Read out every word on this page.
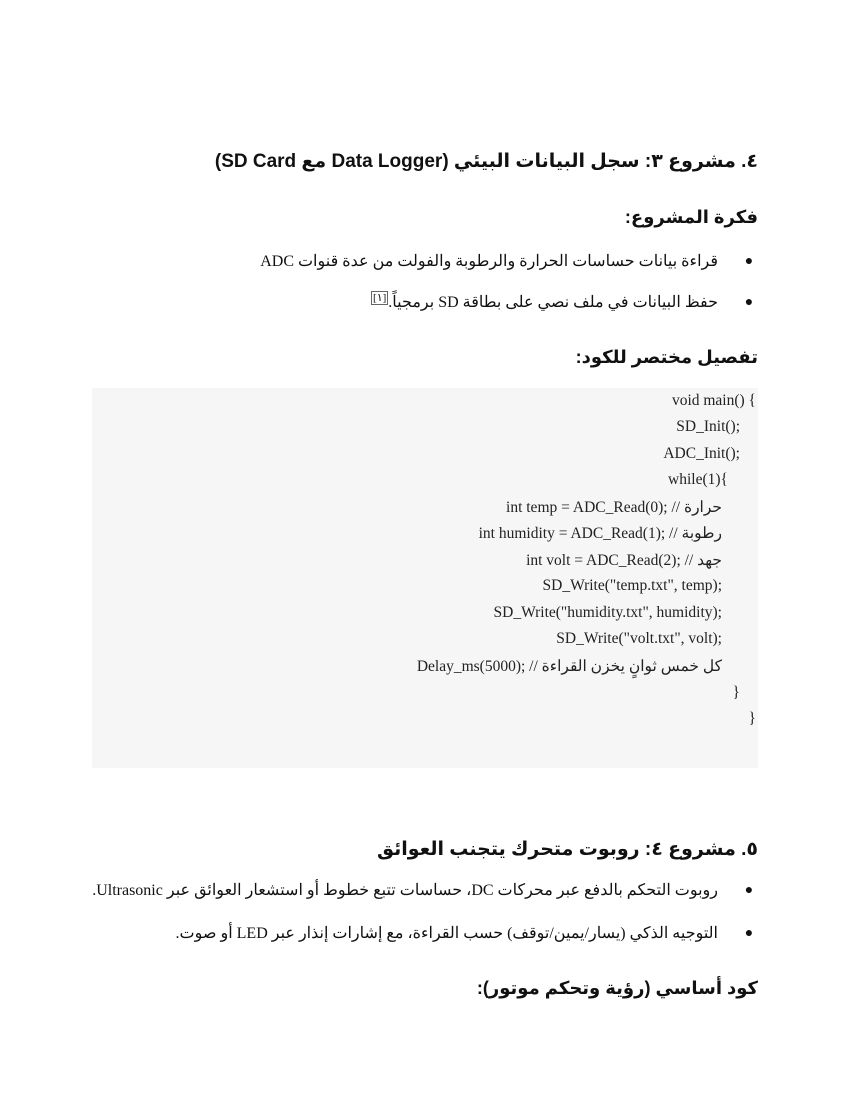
٤. مشروع ٣: سجل البيانات البيئي (Data Logger مع SD Card)
فكرة المشروع:
●
قراءة بيانات حساسات الحرارة والرطوبة والفولت من عدة قنوات ADC
●
حفظ البيانات في ملف نصي على بطاقة SD برمجياً.[١]
تفصيل مختصر للكود:
void main() {
SD_Init();
ADC_Init();
while(1){
int temp = ADC_Read(0); // حرارة
int humidity = ADC_Read(1); // رطوبة
int volt = ADC_Read(2); // جهد
SD_Write("temp.txt", temp);
SD_Write("humidity.txt", humidity);
SD_Write("volt.txt", volt);
Delay_ms(5000); // كل خمس ثوانٍ يخزن القراءة
}
}
٥. مشروع ٤: روبوت متحرك يتجنب العوائق
●
روبوت التحكم بالدفع عبر محركات DC، حساسات تتبع خطوط أو استشعار العوائق عبر Ultrasonic.
●
التوجيه الذكي (يسار/يمين/توقف) حسب القراءة، مع إشارات إنذار عبر LED أو صوت.
كود أساسي (رؤية وتحكم موتور):
